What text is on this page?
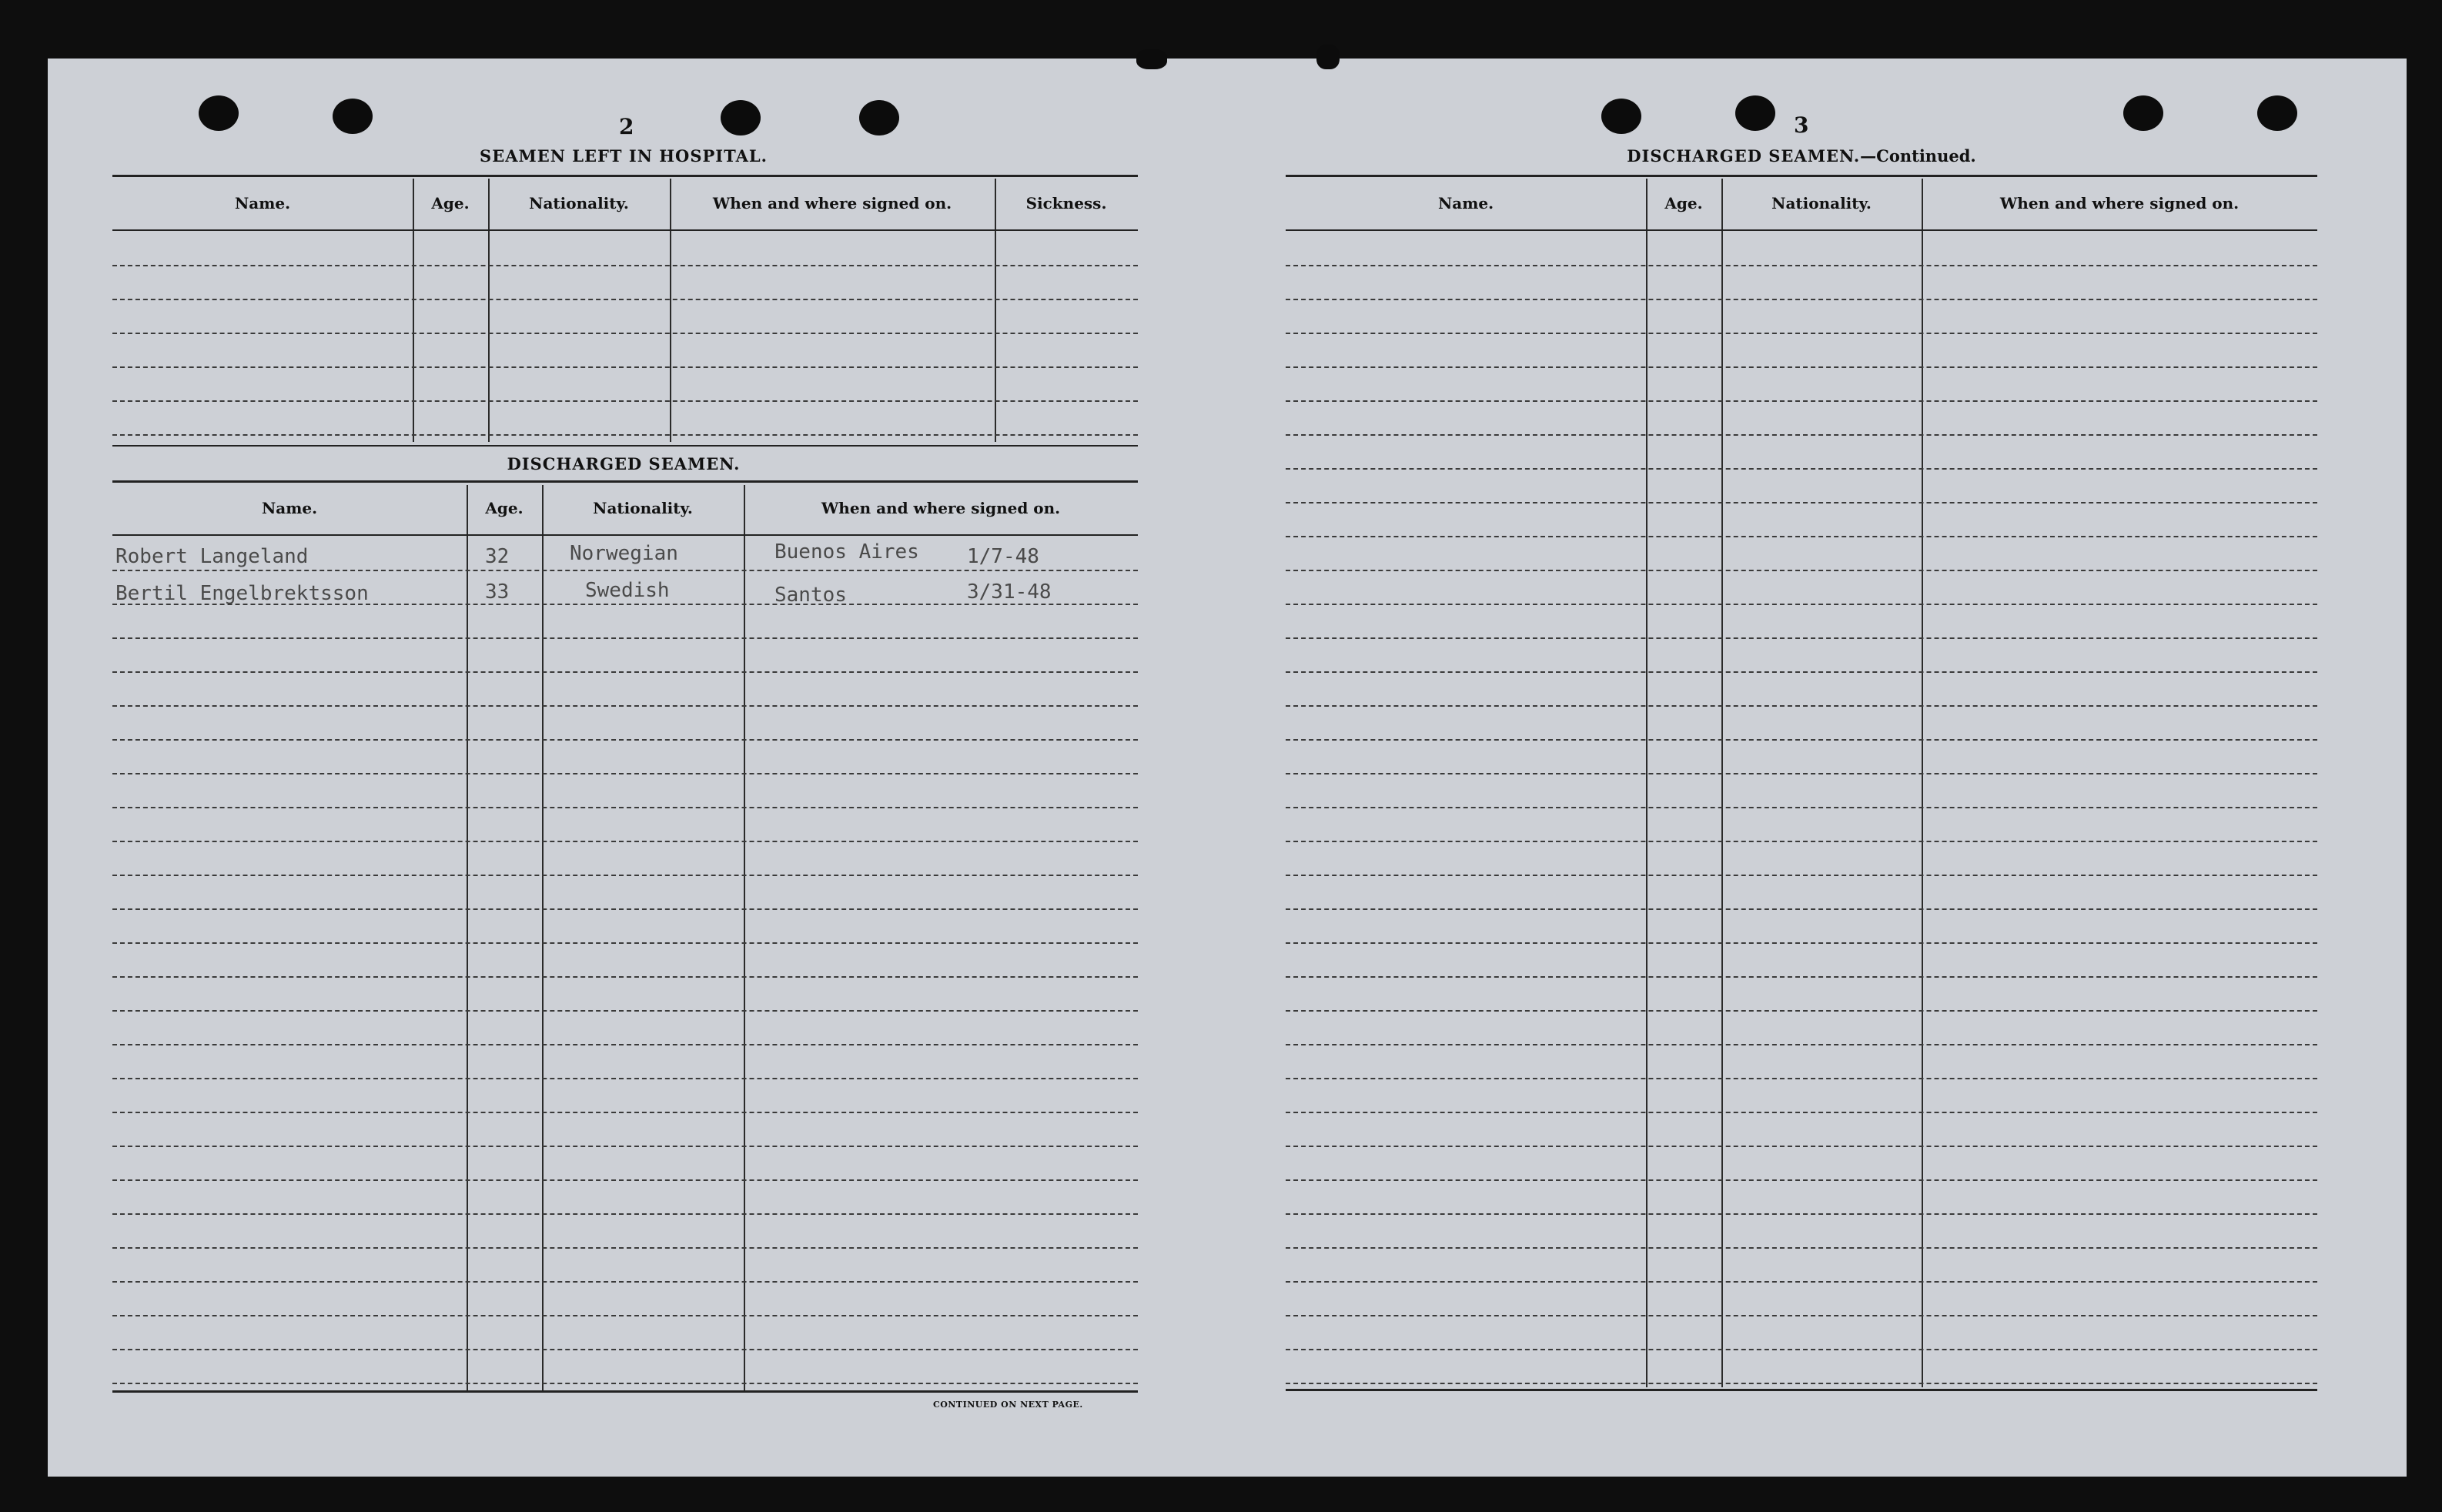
2	3
SEAMEN LEFT IN HOSPITAL.
Name.	Age.	Nationality.	When and where signed on.	Sickness.
DISCHARGED SEAMEN.
Name.	Age.	Nationality.	When and where signed on.
Robert Langeland	32	Norwegian	Buenos Aires 1/7-48
Bertil Engelbrektsson	33	Swedish	Santos	3/31-48
CONTINUED ON NEXT PAGE.
DISCHARGED SEAMEN.—Continued.
Name.	Age.	Nationality.	When and where signed on.
